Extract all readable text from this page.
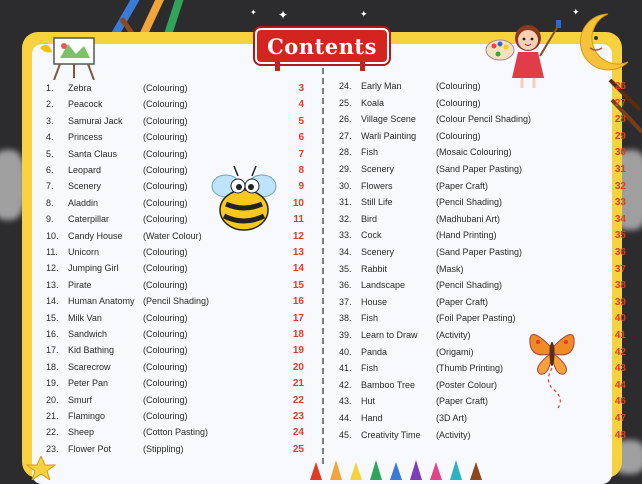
✦	✦	✦
✦
Contents
1. Zebra	(Colouring)	3
2. Peacock	(Colouring)	4
3. Samurai Jack (Colouring)	5
4. Princess	(Colouring)	6
5. Santa Claus	(Colouring)	7
6. Leopard	(Colouring)	8
7. Scenery	(Colouring)	9
8. Aladdin	(Colouring)	10
9. Caterpillar	(Colouring)	11
10. Candy House (Water Colour)	12
11. Unicorn	(Colouring)	13
12. Jumping Girl	(Colouring)	14
13. Pirate	(Colouring)	15
14. Human Anatomy (Pencil Shading)	16
15. Milk Van	(Colouring)	17
16. Sandwich	(Colouring)	18
17. Kid Bathing	(Colouring)	19
18. Scarecrow	(Colouring)	20
19. Peter Pan	(Colouring)	21
20. Smurf	(Colouring)	22
21. Flamingo	(Colouring)	23
22. Sheep	(Cotton Pasting)	24
23. Flower Pot	(Stippling)	25
24. Early Man	(Colouring)	26
25. Koala	(Colouring)	27
26. Village Scene (Colour Pencil Shading)	28
27. Warli Painting (Colouring)	29
28. Fish	(Mosaic Colouring)	30
29. Scenery	(Sand Paper Pasting)	31
30. Flowers	(Paper Craft)	32
31. Still Life	(Pencil Shading)	33
32. Bird	(Madhubani Art)	34
33. Cock	(Hand Printing)	35
34. Scenery	(Sand Paper Pasting)	36
35. Rabbit	(Mask)	37
36. Landscape	(Pencil Shading)	38
37. House	(Paper Craft)	39
38. Fish	(Foil Paper Pasting)	40
39. Learn to Draw (Activity)	41
40. Panda	(Origami)	42
41. Fish	(Thumb Printing)	43
42. Bamboo Tree (Poster Colour)	44
43. Hut	(Paper Craft)	46
44. Hand	(3D Art)	47
45. Creativity Time (Activity)	48
